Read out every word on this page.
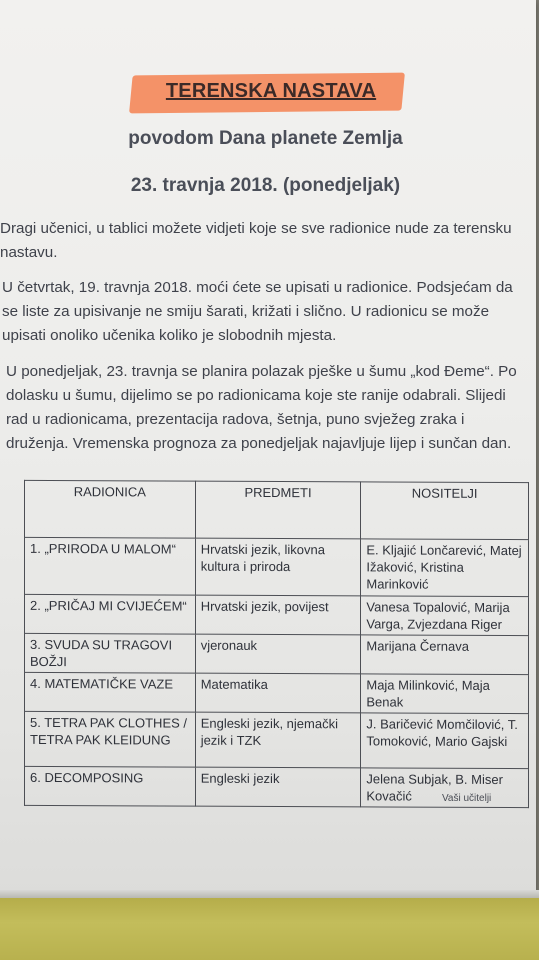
TERENSKA NASTAVA
povodom Dana planete Zemlja
23. travnja 2018. (ponedjeljak)

Dragi učenici, u tablici možete vidjeti koje se sve radionice nude za terensku nastavu.

U četvrtak, 19. travnja 2018. moći ćete se upisati u radionice. Podsjećam da se liste za upisivanje ne smiju šarati, križati i slično. U radionicu se može upisati onoliko učenika koliko je slobodnih mjesta.

U ponedjeljak, 23. travnja se planira polazak pješke u šumu „kod Đeme“. Po dolasku u šumu, dijelimo se po radionicama koje ste ranije odabrali. Slijedi rad u radionicama, prezentacija radova, šetnja, puno svježeg zraka i druženja. Vremenska prognoza za ponedjeljak najavljuje lijep i sunčan dan.

RADIONICA	PREDMETI	NOSITELJI
1. „PRIRODA U MALOM“	Hrvatski jezik, likovna kultura i priroda	E. Kljajić Lončarević, Matej Ižaković, Kristina Marinković
2. „PRIČAJ MI CVIJEĆEM“	Hrvatski jezik, povijest	Vanesa Topalović, Marija Varga, Zvjezdana Riger
3. SVUDA SU TRAGOVI BOŽJI	vjeronauk	Marijana Černava
4. MATEMATIČKE VAZE	Matematika	Maja Milinković, Maja Benak
5. TETRA PAK CLOTHES / TETRA PAK KLEIDUNG	Engleski jezik, njemački jezik i TZK	J. Baričević Momčilović, T. Tomoković, Mario Gajski
6. DECOMPOSING	Engleski jezik	Jelena Subjak, B. Miser Kovačić	Vaši učitelji
